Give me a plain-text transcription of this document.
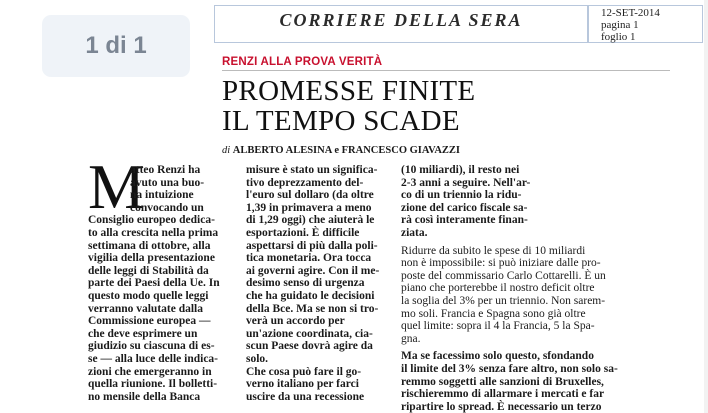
1 di 1
CORRIERE DELLA SERA	12-SET-2014
pagina 1
foglio 1
RENZI ALLA PROVA VERITÀ
PROMESSE FINITE
IL TEMPO SCADE
di ALBERTO ALESINA e FRANCESCO GIAVAZZI
M
atteo Renzi ha
avuto una buo-
na intuizione
convocando un
Consiglio europeo dedica-
to alla crescita nella prima
settimana di ottobre, alla
vigilia della presentazione
delle leggi di Stabilità da
parte dei Paesi della Ue. In
questo modo quelle leggi
verranno valutate dalla
Commissione europea —
che deve esprimere un
giudizio su ciascuna di es-
se — alla luce delle indica-
zioni che emergeranno in
quella riunione. Il bolletti-
no mensile della Banca
misure è stato un significa-
tivo deprezzamento del-
l'euro sul dollaro (da oltre
1,39 in primavera a meno
di 1,29 oggi) che aiuterà le
esportazioni. È difficile
aspettarsi di più dalla poli-
tica monetaria. Ora tocca
ai governi agire. Con il me-
desimo senso di urgenza
che ha guidato le decisioni
della Bce. Ma se non si tro-
verà un accordo per
un'azione coordinata, cia-
scun Paese dovrà agire da
solo.
Che cosa può fare il go-
verno italiano per farci
uscire da una recessione
(10 miliardi), il resto nei
2-3 anni a seguire. Nell'ar-
co di un triennio la ridu-
zione del carico fiscale sa-
rà così interamente finan-
ziata.
Ridurre da subito le spese di 10 miliardi
non è impossibile: si può iniziare dalle pro-
poste del commissario Carlo Cottarelli. È un
piano che porterebbe il nostro deficit oltre
la soglia del 3% per un triennio. Non sarem-
mo soli. Francia e Spagna sono già oltre
quel limite: sopra il 4 la Francia, 5 la Spa-
gna.
Ma se facessimo solo questo, sfondando
il limite del 3% senza fare altro, non solo sa-
remmo soggetti alle sanzioni di Bruxelles,
rischieremmo di allarmare i mercati e far
ripartire lo spread. È necessario un terzo
